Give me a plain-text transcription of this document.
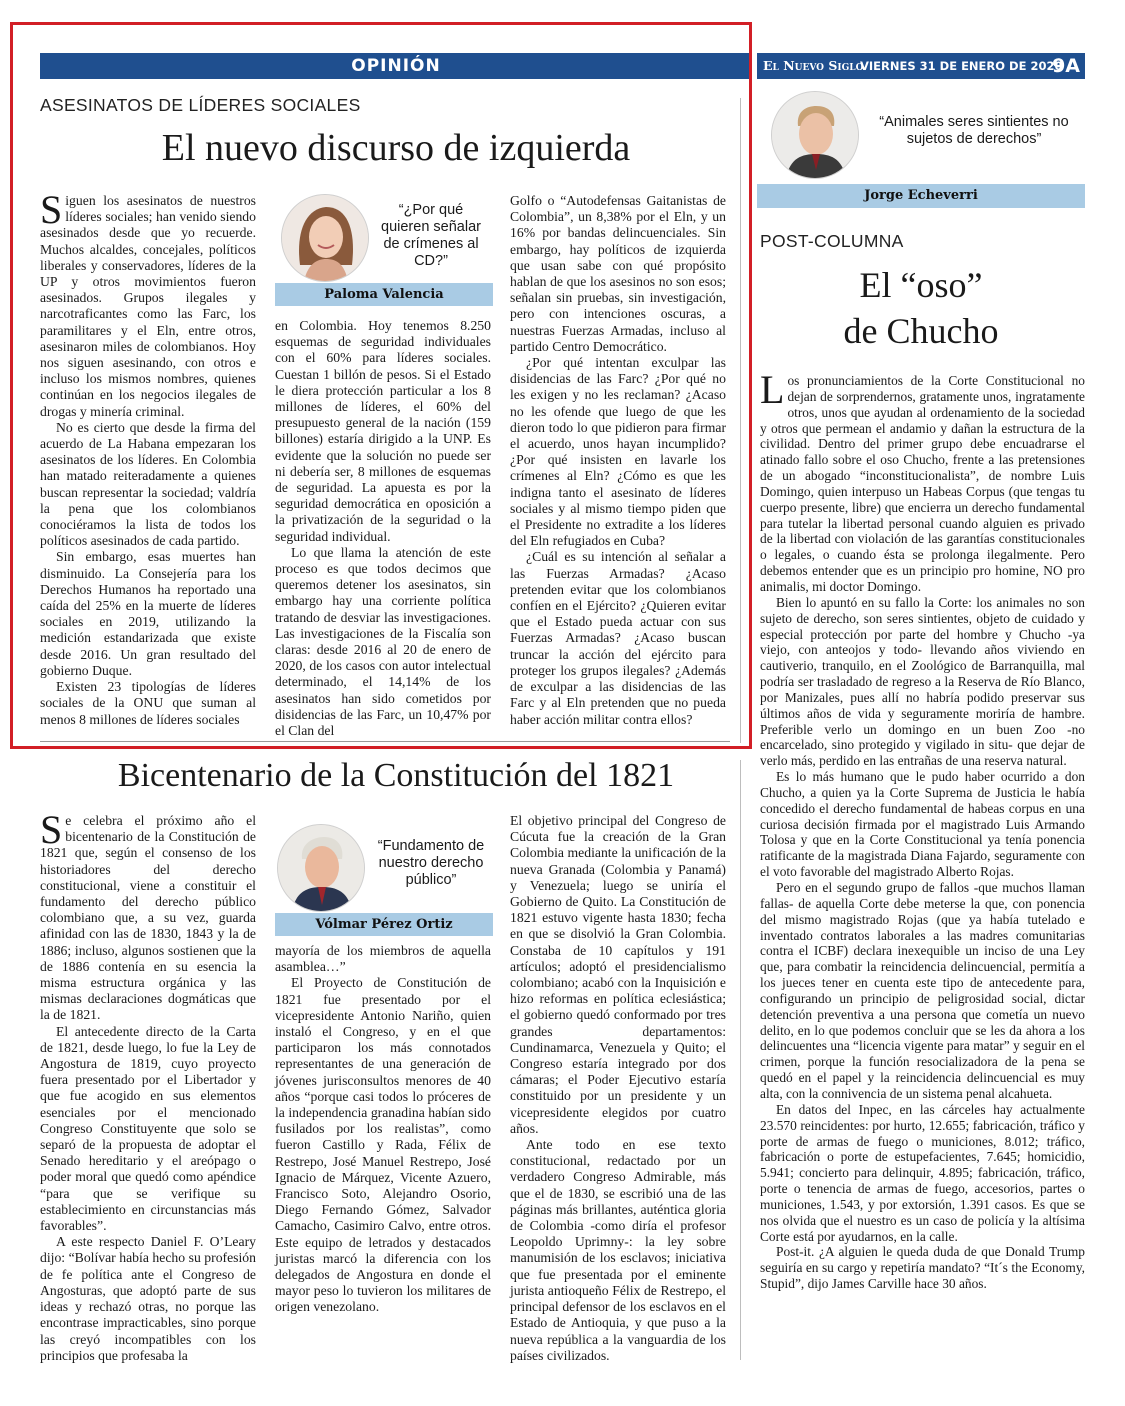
OPINIÓN	El Nuevo Siglo
VIERNES 31 DE ENERO DE 2020
9A
ASESINATOS DE LÍDERES SOCIALES
El nuevo discurso de izquierda

Siguen los asesinatos de nuestros líderes sociales; han venido siendo asesinados desde que yo recuerde. Muchos alcaldes, concejales, políticos liberales y conservadores, líderes de la UP y otros movimientos fueron asesinados. Grupos ilegales y narcotraficantes como las Farc, los paramilitares y el Eln, entre otros, asesinaron miles de colombianos. Hoy nos siguen asesinando, con otros e incluso los mismos nombres, quienes continúan en los negocios ilegales de drogas y minería criminal.

No es cierto que desde la firma del acuerdo de La Habana empezaran los asesinatos de los líderes. En Colombia han matado reiteradamente a quienes buscan representar la sociedad; valdría la pena que los colombianos conociéramos la lista de todos los políticos asesinados de cada partido.

Sin embargo, esas muertes han disminuido. La Consejería para los Derechos Humanos ha reportado una caída del 25% en la muerte de líderes sociales en 2019, utilizando la medición estandarizada que existe desde 2016. Un gran resultado del gobierno Duque.

Existen 23 tipologías de líderes sociales de la ONU que suman al menos 8 millones de líderes sociales

“¿Por qué quieren señalar de crímenes al CD?”
Paloma Valencia

en Colombia. Hoy tenemos 8.250 esquemas de seguridad individuales con el 60% para líderes sociales. Cuestan 1 billón de pesos. Si el Estado le diera protección particular a los 8 millones de líderes, el 60% del presupuesto general de la nación (159 billones) estaría dirigido a la UNP. Es evidente que la solución no puede ser ni debería ser, 8 millones de esquemas de seguridad. La apuesta es por la seguridad democrática en oposición a la privatización de la seguridad o la seguridad individual.

Lo que llama la atención de este proceso es que todos decimos que queremos detener los asesinatos, sin embargo hay una corriente política tratando de desviar las investigaciones. Las investigaciones de la Fiscalía son claras: desde 2016 al 20 de enero de 2020, de los casos con autor intelectual determinado, el 14,14% de los asesinatos han sido cometidos por disidencias de las Farc, un 10,47% por el Clan del

Golfo o “Autodefensas Gaitanistas de Colombia”, un 8,38% por el Eln, y un 16% por bandas delincuenciales. Sin embargo, hay políticos de izquierda que usan sabe con qué propósito hablan de que los asesinos no son esos; señalan sin pruebas, sin investigación, pero con intenciones oscuras, a nuestras Fuerzas Armadas, incluso al partido Centro Democrático.

¿Por qué intentan exculpar las disidencias de las Farc? ¿Por qué no les exigen y no les reclaman? ¿Acaso no les ofende que luego de que les dieron todo lo que pidieron para firmar el acuerdo, unos hayan incumplido? ¿Por qué insisten en lavarle los crímenes al Eln? ¿Cómo es que les indigna tanto el asesinato de líderes sociales y al mismo tiempo piden que el Presidente no extradite a los líderes del Eln refugiados en Cuba?

¿Cuál es su intención al señalar a las Fuerzas Armadas? ¿Acaso pretenden evitar que los colombianos confíen en el Ejército? ¿Quieren evitar que el Estado pueda actuar con sus Fuerzas Armadas? ¿Acaso buscan truncar la acción del ejército para proteger los grupos ilegales? ¿Además de exculpar a las disidencias de las Farc y al Eln pretenden que no pueda haber acción militar contra ellos?

Bicentenario de la Constitución del 1821

Se celebra el próximo año el bicentenario de la Constitución de 1821 que, según el consenso de los historiadores del derecho constitucional, viene a constituir el fundamento del derecho público colombiano que, a su vez, guarda afinidad con las de 1830, 1843 y la de 1886; incluso, algunos sostienen que la de 1886 contenía en su esencia la misma estructura orgánica y las mismas declaraciones dogmáticas que la de 1821.

El antecedente directo de la Carta de 1821, desde luego, lo fue la Ley de Angostura de 1819, cuyo proyecto fuera presentado por el Libertador y que fue acogido en sus elementos esenciales por el mencionado Congreso Constituyente que solo se separó de la propuesta de adoptar el Senado hereditario y el areópago o poder moral que quedó como apéndice “para que se verifique su establecimiento en circunstancias más favorables”.

A este respecto Daniel F. O’Leary dijo: “Bolívar había hecho su profesión de fe política ante el Congreso de Angosturas, que adoptó parte de sus ideas y rechazó otras, no porque las encontrase impracticables, sino porque las creyó incompatibles con los principios que profesaba la

“Fundamento de nuestro derecho público”
Vólmar Pérez Ortiz

mayoría de los miembros de aquella asamblea…”

El Proyecto de Constitución de 1821 fue presentado por el vicepresidente Antonio Nariño, quien instaló el Congreso, y en el que participaron los más connotados representantes de una generación de jóvenes jurisconsultos menores de 40 años “porque casi todos lo próceres de la independencia granadina habían sido fusilados por los realistas”, como fueron Castillo y Rada, Félix de Restrepo, José Manuel Restrepo, José Ignacio de Márquez, Vicente Azuero, Francisco Soto, Alejandro Osorio, Diego Fernando Gómez, Salvador Camacho, Casimiro Calvo, entre otros. Este equipo de letrados y destacados juristas marcó la diferencia con los delegados de Angostura en donde el mayor peso lo tuvieron los militares de origen venezolano.

El objetivo principal del Congreso de Cúcuta fue la creación de la Gran Colombia mediante la unificación de la nueva Granada (Colombia y Panamá) y Venezuela; luego se uniría el Gobierno de Quito. La Constitución de 1821 estuvo vigente hasta 1830; fecha en que se disolvió la Gran Colombia. Constaba de 10 capítulos y 191 artículos; adoptó el presidencialismo colombiano; acabó con la Inquisición e hizo reformas en política eclesiástica; el gobierno quedó conformado por tres grandes departamentos: Cundinamarca, Venezuela y Quito; el Congreso estaría integrado por dos cámaras; el Poder Ejecutivo estaría constituido por un presidente y un vicepresidente elegidos por cuatro años.

Ante todo en ese texto constitucional, redactado por un verdadero Congreso Admirable, más que el de 1830, se escribió una de las páginas más brillantes, auténtica gloria de Colombia -como diría el profesor Leopoldo Uprimny-: la ley sobre manumisión de los esclavos; iniciativa que fue presentada por el eminente jurista antioqueño Félix de Restrepo, el principal defensor de los esclavos en el Estado de Antioquia, y que puso a la nueva república a la vanguardia de los países civilizados.

“Animales seres sintientes no sujetos de derechos”
Jorge Echeverri
POST-COLUMNA
El “oso”
de Chucho

Los pronunciamientos de la Corte Constitucional no dejan de sorprendernos, gratamente unos, ingratamente otros, unos que ayudan al ordenamiento de la sociedad y otros que permean el andamio y dañan la estructura de la civilidad. Dentro del primer grupo debe encuadrarse el atinado fallo sobre el oso Chucho, frente a las pretensiones de un abogado “inconstitucionalista”, de nombre Luis Domingo, quien interpuso un Habeas Corpus (que tengas tu cuerpo presente, libre) que encierra un derecho fundamental para tutelar la libertad personal cuando alguien es privado de la libertad con violación de las garantías constitucionales o legales, o cuando ésta se prolonga ilegalmente. Pero debemos entender que es un principio pro homine, NO pro animalis, mi doctor Domingo.

Bien lo apuntó en su fallo la Corte: los animales no son sujeto de derecho, son seres sintientes, objeto de cuidado y especial protección por parte del hombre y Chucho -ya viejo, con anteojos y todo- llevando años viviendo en cautiverio, tranquilo, en el Zoológico de Barranquilla, mal podría ser trasladado de regreso a la Reserva de Río Blanco, por Manizales, pues allí no habría podido preservar sus últimos años de vida y seguramente moriría de hambre. Preferible verlo un domingo en un buen Zoo -no encarcelado, sino protegido y vigilado in situ- que dejar de verlo más, perdido en las entrañas de una reserva natural.

Es lo más humano que le pudo haber ocurrido a don Chucho, a quien ya la Corte Suprema de Justicia le había concedido el derecho fundamental de habeas corpus en una curiosa decisión firmada por el magistrado Luis Armando Tolosa y que en la Corte Constitucional ya tenía ponencia ratificante de la magistrada Diana Fajardo, seguramente con el voto favorable del magistrado Alberto Rojas.

Pero en el segundo grupo de fallos -que muchos llaman fallas- de aquella Corte debe meterse la que, con ponencia del mismo magistrado Rojas (que ya había tutelado e inventado contratos laborales a las madres comunitarias contra el ICBF) declara inexequible un inciso de una Ley que, para combatir la reincidencia delincuencial, permitía a los jueces tener en cuenta este tipo de antecedente para, configurando un principio de peligrosidad social, dictar detención preventiva a una persona que cometía un nuevo delito, en lo que podemos concluir que se les da ahora a los delincuentes una “licencia vigente para matar” y seguir en el crimen, porque la función resocializadora de la pena se quedó en el papel y la reincidencia delincuencial es muy alta, con la connivencia de un sistema penal alcahueta.

En datos del Inpec, en las cárceles hay actualmente 23.570 reincidentes: por hurto, 12.655; fabricación, tráfico y porte de armas de fuego o municiones, 8.012; tráfico, fabricación o porte de estupefacientes, 7.645; homicidio, 5.941; concierto para delinquir, 4.895; fabricación, tráfico, porte o tenencia de armas de fuego, accesorios, partes o municiones, 1.543, y por extorsión, 1.391 casos. Es que se nos olvida que el nuestro es un caso de policía y la altísima Corte está por ayudarnos, en la calle.

Post-it. ¿A alguien le queda duda de que Donald Trump seguiría en su cargo y repetiría mandato? “It´s the Economy, Stupid”, dijo James Carville hace 30 años.
